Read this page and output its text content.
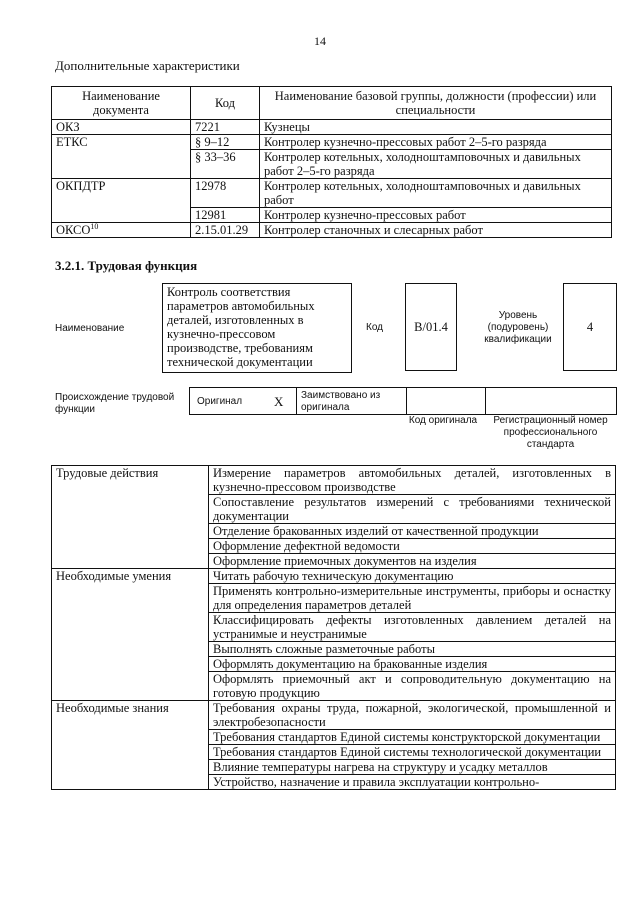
14
Дополнительные характеристики
Наименование документа	Код	Наименование базовой группы, должности (профессии) или специальности
ОКЗ	7221	Кузнецы
ЕТКС	§ 9–12	Контролер кузнечно-прессовых работ 2–5-го разряда
	§ 33–36	Контролер котельных, холодноштамповочных и давильных работ 2–5-го разряда
ОКПДТР	12978	Контролер котельных, холодноштамповочных и давильных работ
	12981	Контролер кузнечно-прессовых работ
ОКСО$^{10}$	2.15.01.29	Контролер станочных и слесарных работ
3.2.1. Трудовая функция
Наименование
Контроль соответствия параметров автомобильных деталей, изготовленных в кузнечно-прессовом производстве, требованиям технической документации
Код В/01.4
Уровень (подуровень) квалификации
4
Происхождение трудовой функции
Оригинал X Заимствовано из оригинала
Код оригинала	Регистрационный номер профессионального стандарта
Трудовые действия	Измерение параметров автомобильных деталей, изготовленных в кузнечно-прессовом производстве
	Сопоставление результатов измерений с требованиями технической документации
	Отделение бракованных изделий от качественной продукции
	Оформление дефектной ведомости
	Оформление приемочных документов на изделия
Необходимые умения	Читать рабочую техническую документацию
	Применять контрольно-измерительные инструменты, приборы и оснастку для определения параметров деталей
	Классифицировать дефекты изготовленных давлением деталей на устранимые и неустранимые
	Выполнять сложные разметочные работы
	Оформлять документацию на бракованные изделия
	Оформлять приемочный акт и сопроводительную документацию на готовую продукцию
Необходимые знания	Требования охраны труда, пожарной, экологической, промышленной и электробезопасности
	Требования стандартов Единой системы конструкторской документации
	Требования стандартов Единой системы технологической документации
	Влияние температуры нагрева на структуру и усадку металлов
	Устройство, назначение и правила эксплуатации контрольно-
